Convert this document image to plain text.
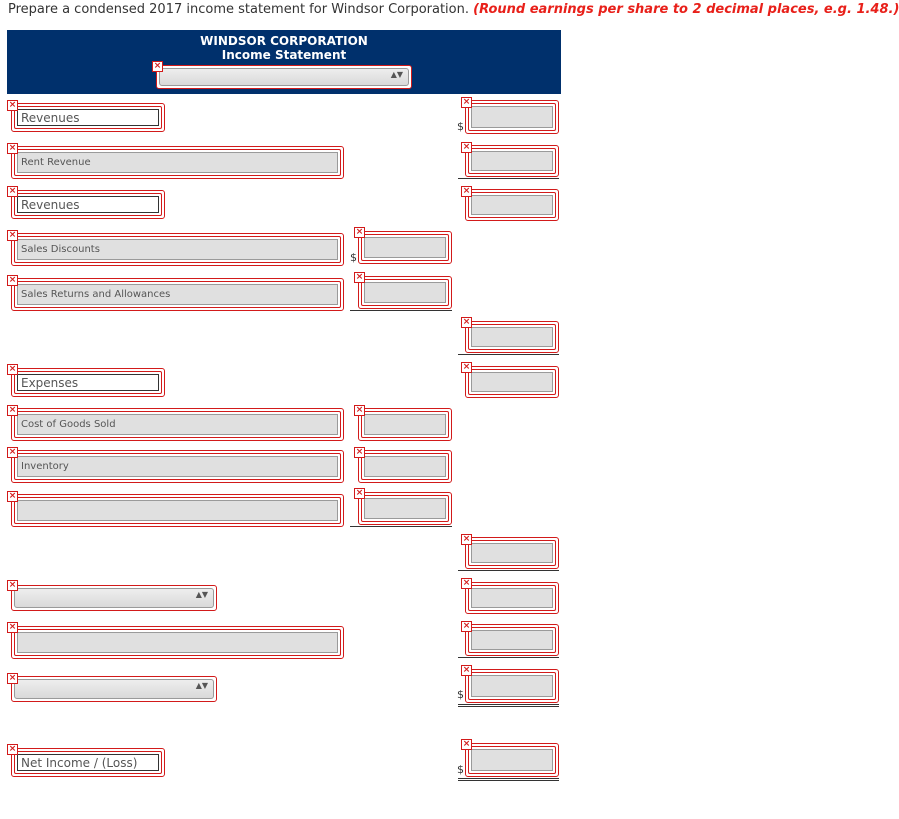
Prepare a condensed 2017 income statement for Windsor Corporation. (Round earnings per share to 2 decimal places, e.g. 1.48.)
WINDSOR CORPORATION
Income Statement
×
▲▼
×
Revenues
×
$
×
Rent Revenue
×
×
Revenues
×
×
Sales Discounts
×
$
×
Sales Returns and Allowances
×
×
×
Expenses
×
×
Cost of Goods Sold
×
×
Inventory
×
×	×
×
×
▲▼
×
×	×
×
▲▼
×
$
×
Net Income / (Loss)
×
$
